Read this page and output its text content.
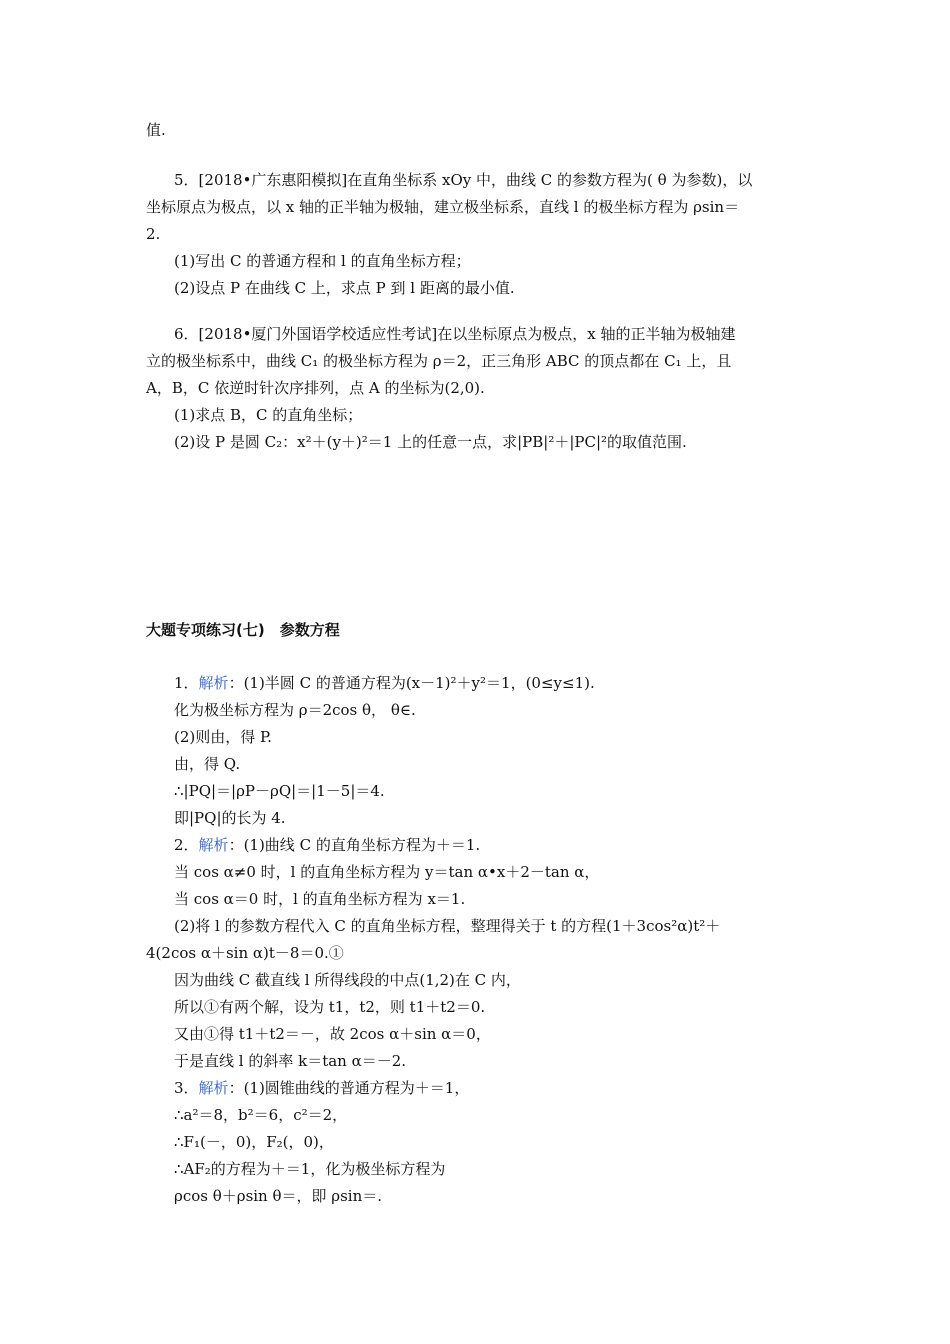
值.
5．[2018•广东惠阳模拟]在直角坐标系 xOy 中，曲线 C 的参数方程为( θ 为参数)，以
坐标原点为极点，以 x 轴的正半轴为极轴，建立极坐标系，直线 l 的极坐标方程为 ρsin＝
2.
(1)写出 C 的普通方程和 l 的直角坐标方程；
(2)设点 P 在曲线 C 上，求点 P 到 l 距离的最小值.
6．[2018•厦门外国语学校适应性考试]在以坐标原点为极点，x 轴的正半轴为极轴建
立的极坐标系中，曲线 C₁ 的极坐标方程为 ρ＝2，正三角形 ABC 的顶点都在 C₁ 上，且
A，B，C 依逆时针次序排列，点 A 的坐标为(2,0).
(1)求点 B，C 的直角坐标；
(2)设 P 是圆 C₂：x²＋(y＋)²＝1 上的任意一点，求|PB|²＋|PC|²的取值范围.
大题专项练习(七)　参数方程
1．解析：(1)半圆 C 的普通方程为(x－1)²＋y²＝1，(0≤y≤1).
化为极坐标方程为 ρ＝2cos θ， θ∈.
(2)则由，得 P.
由，得 Q.
∴|PQ|＝|ρP－ρQ|＝|1－5|＝4.
即|PQ|的长为 4.
2．解析：(1)曲线 C 的直角坐标方程为＋＝1.
当 cos α≠0 时，l 的直角坐标方程为 y＝tan α•x＋2－tan α，
当 cos α＝0 时，l 的直角坐标方程为 x＝1.
(2)将 l 的参数方程代入 C 的直角坐标方程，整理得关于 t 的方程(1＋3cos²α)t²＋
4(2cos α＋sin α)t－8＝0.①
因为曲线 C 截直线 l 所得线段的中点(1,2)在 C 内，
所以①有两个解，设为 t1，t2，则 t1＋t2＝0.
又由①得 t1＋t2＝－，故 2cos α＋sin α＝0，
于是直线 l 的斜率 k＝tan α＝－2.
3．解析：(1)圆锥曲线的普通方程为＋＝1，
∴a²＝8，b²＝6，c²＝2，
∴F₁(－，0)，F₂(，0)，
∴AF₂的方程为＋＝1，化为极坐标方程为
ρcos θ＋ρsin θ＝，即 ρsin＝.
